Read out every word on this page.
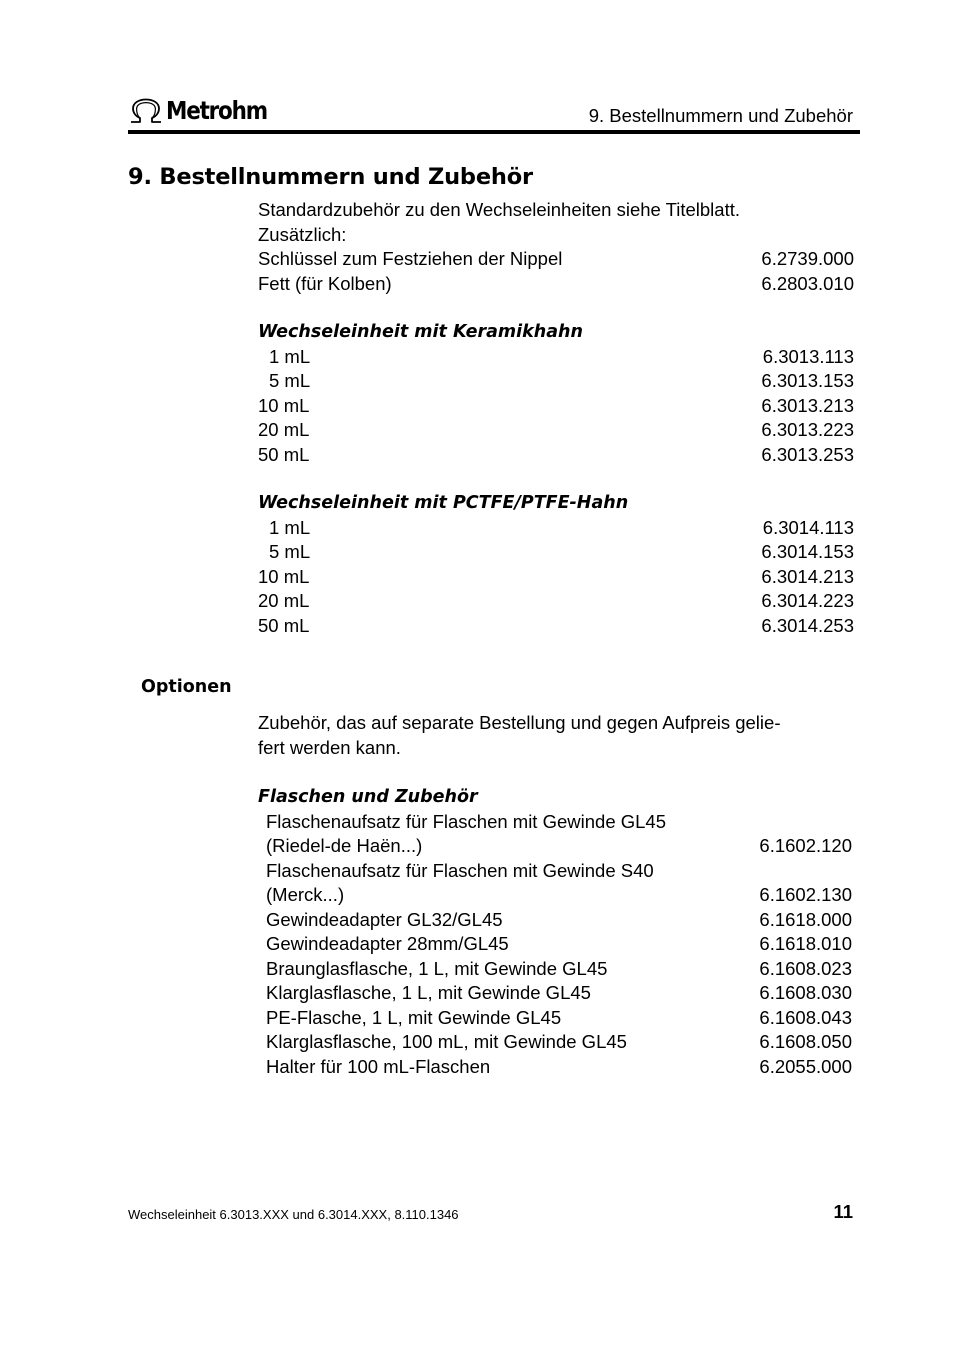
Metrohm	9. Bestellnummern und Zubehör
9. Bestellnummern und Zubehör
Standardzubehör zu den Wechseleinheiten siehe Titelblatt.
Zusätzlich:
Schlüssel zum Festziehen der Nippel	6.2739.000
Fett (für Kolben)	6.2803.010
Wechseleinheit mit Keramikhahn
1 mL	6.3013.113
5 mL	6.3013.153
10 mL	6.3013.213
20 mL	6.3013.223
50 mL	6.3013.253
Wechseleinheit mit PCTFE/PTFE-Hahn
1 mL	6.3014.113
5 mL	6.3014.153
10 mL	6.3014.213
20 mL	6.3014.223
50 mL	6.3014.253
Optionen
Zubehör, das auf separate Bestellung und gegen Aufpreis gelie-
fert werden kann.
Flaschen und Zubehör
Flaschenaufsatz für Flaschen mit Gewinde GL45
(Riedel-de Haën...)	6.1602.120
Flaschenaufsatz für Flaschen mit Gewinde S40
(Merck...)	6.1602.130
Gewindeadapter GL32/GL45	6.1618.000
Gewindeadapter 28mm/GL45	6.1618.010
Braunglasflasche, 1 L, mit Gewinde GL45	6.1608.023
Klarglasflasche, 1 L, mit Gewinde GL45	6.1608.030
PE-Flasche, 1 L, mit Gewinde GL45	6.1608.043
Klarglasflasche, 100 mL, mit Gewinde GL45	6.1608.050
Halter für 100 mL-Flaschen	6.2055.000
Wechseleinheit 6.3013.XXX und 6.3014.XXX, 8.110.1346	11
